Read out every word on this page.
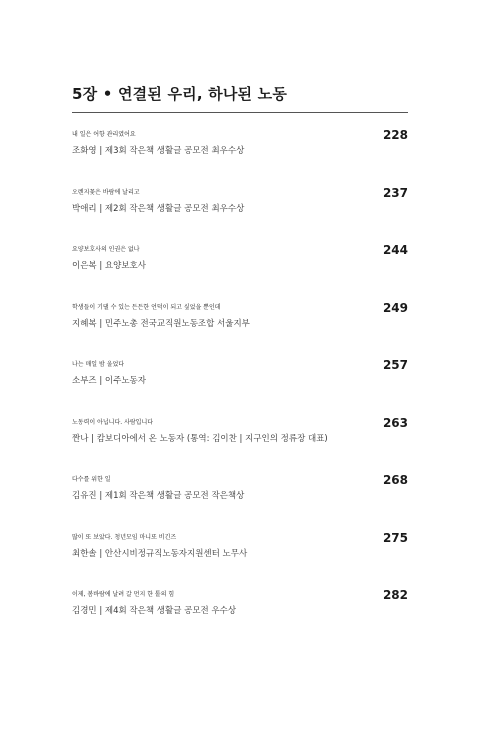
5장 • 연결된 우리, 하나된 노동
내 일은 어항 관리였어요	228
조화영 | 제3회 작은책 생활글 공모전 최우수상
오렌지꽃은 바람에 날리고	237
박애리 | 제2회 작은책 생활글 공모전 최우수상
요양보호사의 인권은 없나	244
이은복 | 요양보호사
학생들이 기댈 수 있는 든든한 언덕이 되고 싶었을 뿐인데	249
지혜복 | 민주노총 전국교직원노동조합 서울지부
나는 매일 밤 울었다	257
소부즈 | 이주노동자
노동력이 아닙니다. 사람입니다	263
짠나 | 캄보디아에서 온 노동자 (통역: 김이찬 | 지구인의 정류장 대표)
다수를 위한 일	268
김유진 | 제1회 작은책 생활글 공모전 작은책상
많이 또 보았다. 청년모임 마니또 비긴즈	275
최한솔 | 안산시비정규직노동자지원센터 노무사
이제, 봄바람에 날려 갈 먼지 한 톨의 힘	282
김경민 | 제4회 작은책 생활글 공모전 우수상
